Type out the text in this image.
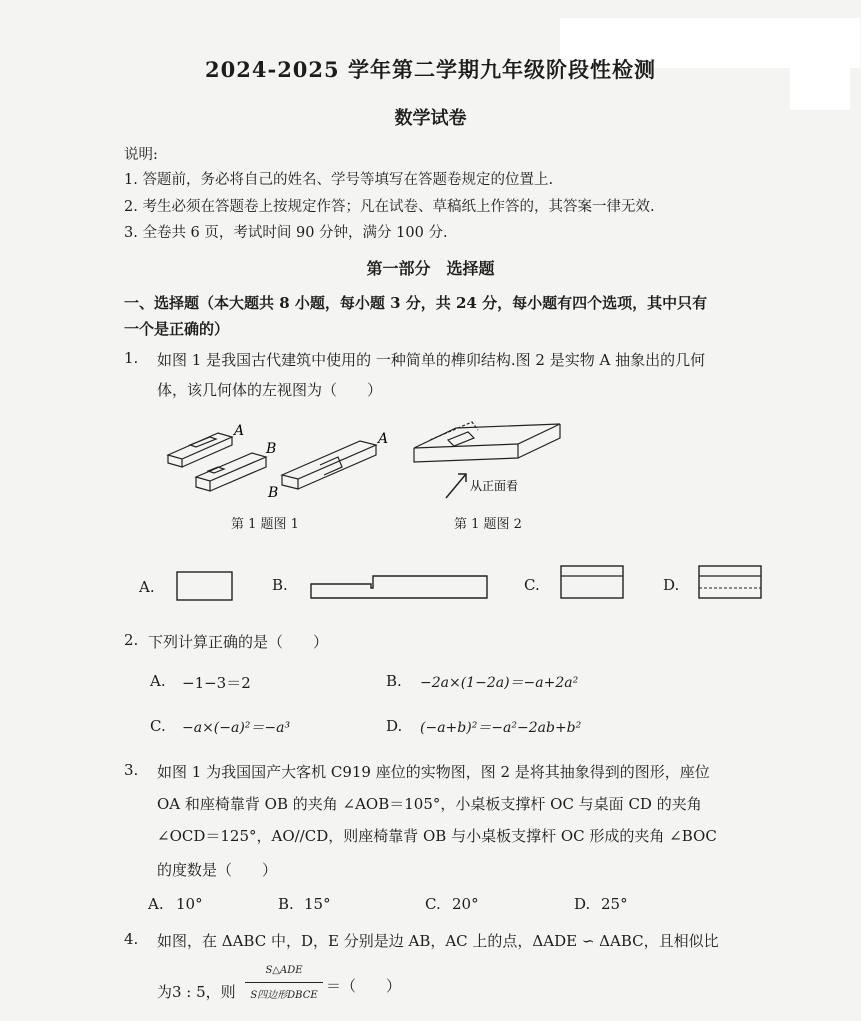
2024-2025 学年第二学期九年级阶段性检测
数学试卷
说明:
1. 答题前，务必将自己的姓名、学号等填写在答题卷规定的位置上.
2. 考生必须在答题卷上按规定作答；凡在试卷、草稿纸上作答的，其答案一律无效.
3. 全卷共 6 页，考试时间 90 分钟，满分 100 分.
第一部分　选择题
一、选择题（本大题共 8 小题，每小题 3 分，共 24 分，每小题有四个选项，其中只有
一个是正确的）
1. 如图 1 是我国古代建筑中使用的 一种简单的榫卯结构.图 2 是实物 A 抽象出的几何
体，该几何体的左视图为（　　）
A
B
B
A
第 1 题图 1
从正面看
第 1 题图 2
A.	B.	C.	D.
2. 下列计算正确的是（　　）
A. −1−3＝2	B. −2a×(1−2a)＝−a+2a²
C. −a×(−a)²＝−a³	D. (−a+b)²＝−a²−2ab+b²
3. 如图 1 为我国国产大客机 C919 座位的实物图，图 2 是将其抽象得到的图形，座位
OA 和座椅靠背 OB 的夹角 ∠AOB＝105°，小桌板支撑杆 OC 与桌面 CD 的夹角
∠OCD＝125°，AO//CD，则座椅靠背 OB 与小桌板支撑杆 OC 形成的夹角 ∠BOC
的度数是（　　）
A. 10°	B. 15°	C. 20°	D. 25°
4. 如图，在 ΔABC 中，D，E 分别是边 AB，AC 上的点，ΔADE ∽ ΔABC，且相似比
为3 : 5，则
S△ADE
S四边形DBCE
＝（　　）
